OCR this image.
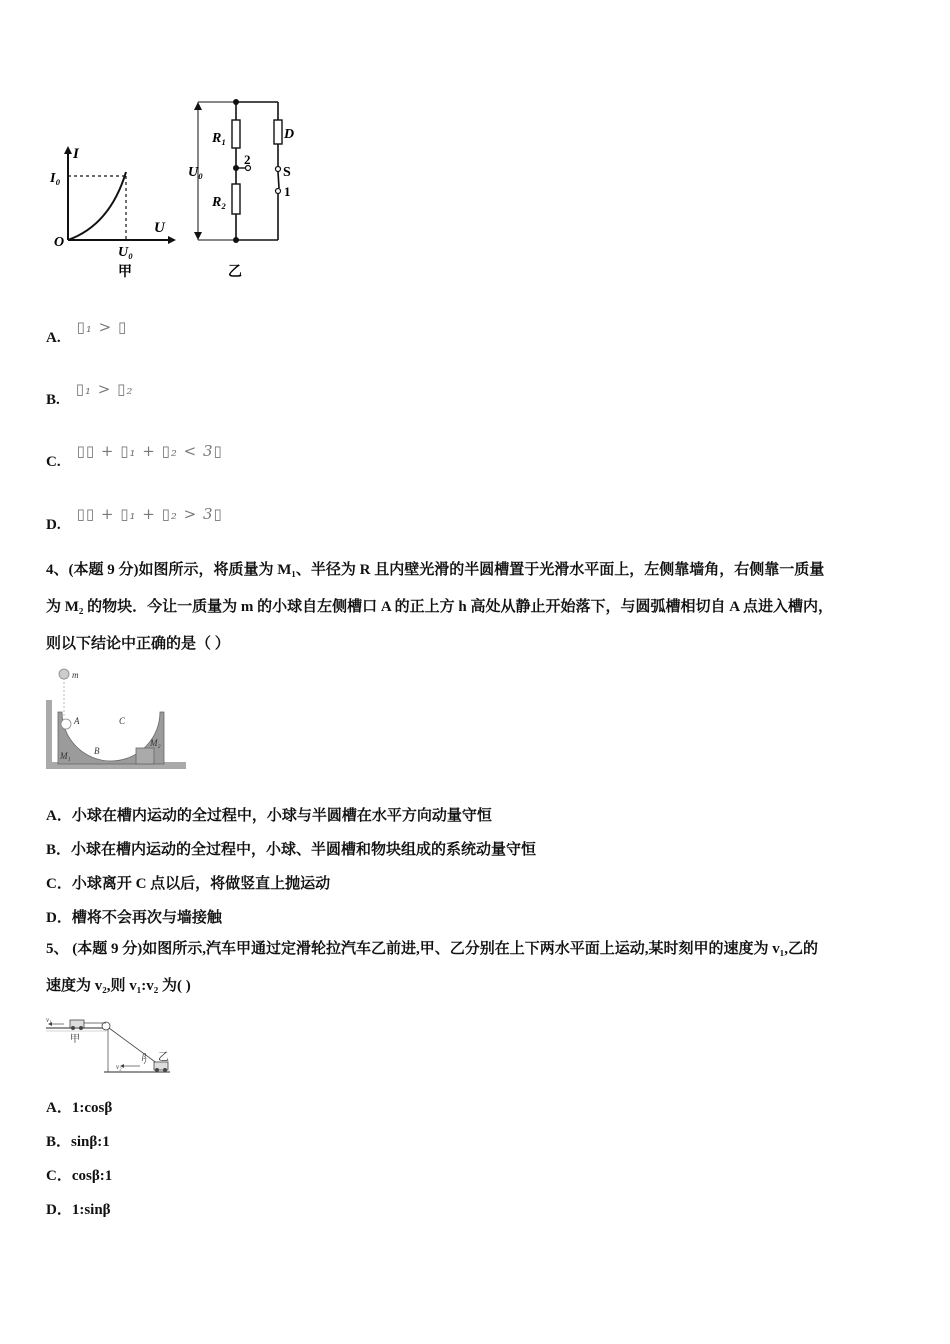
I
U
O
I₀
U₀
甲
U₀
R₁
R₂
D
S
2
1
乙
A. ▯₁ > ▯
B. ▯₁ > ▯₂
C. ▯▯ + ▯₁ + ▯₂ < 3▯
D. ▯▯ + ▯₁ + ▯₂ > 3▯
4、(本题 9 分)如图所示，将质量为 M₁、半径为 R 且内壁光滑的半圆槽置于光滑水平面上，左侧靠墙角，右侧靠一质量
为 M₂ 的物块．今让一质量为 m 的小球自左侧槽口 A 的正上方 h 高处从静止开始落下，与圆弧槽相切自 A 点进入槽内，
则以下结论中正确的是（ ）
m
A
B
C
M₁
M₂
A．小球在槽内运动的全过程中，小球与半圆槽在水平方向动量守恒
B．小球在槽内运动的全过程中，小球、半圆槽和物块组成的系统动量守恒
C．小球离开 C 点以后，将做竖直上抛运动
D．槽将不会再次与墙接触
5、 (本题 9 分)如图所示,汽车甲通过定滑轮拉汽车乙前进,甲、乙分别在上下两水平面上运动,某时刻甲的速度为 v₁,乙的
速度为 v₂,则 v₁:v₂ 为( )
甲
乙
v₁
v₂
β
A．1:cosβ
B．sinβ:1
C．cosβ:1
D．1:sinβ
